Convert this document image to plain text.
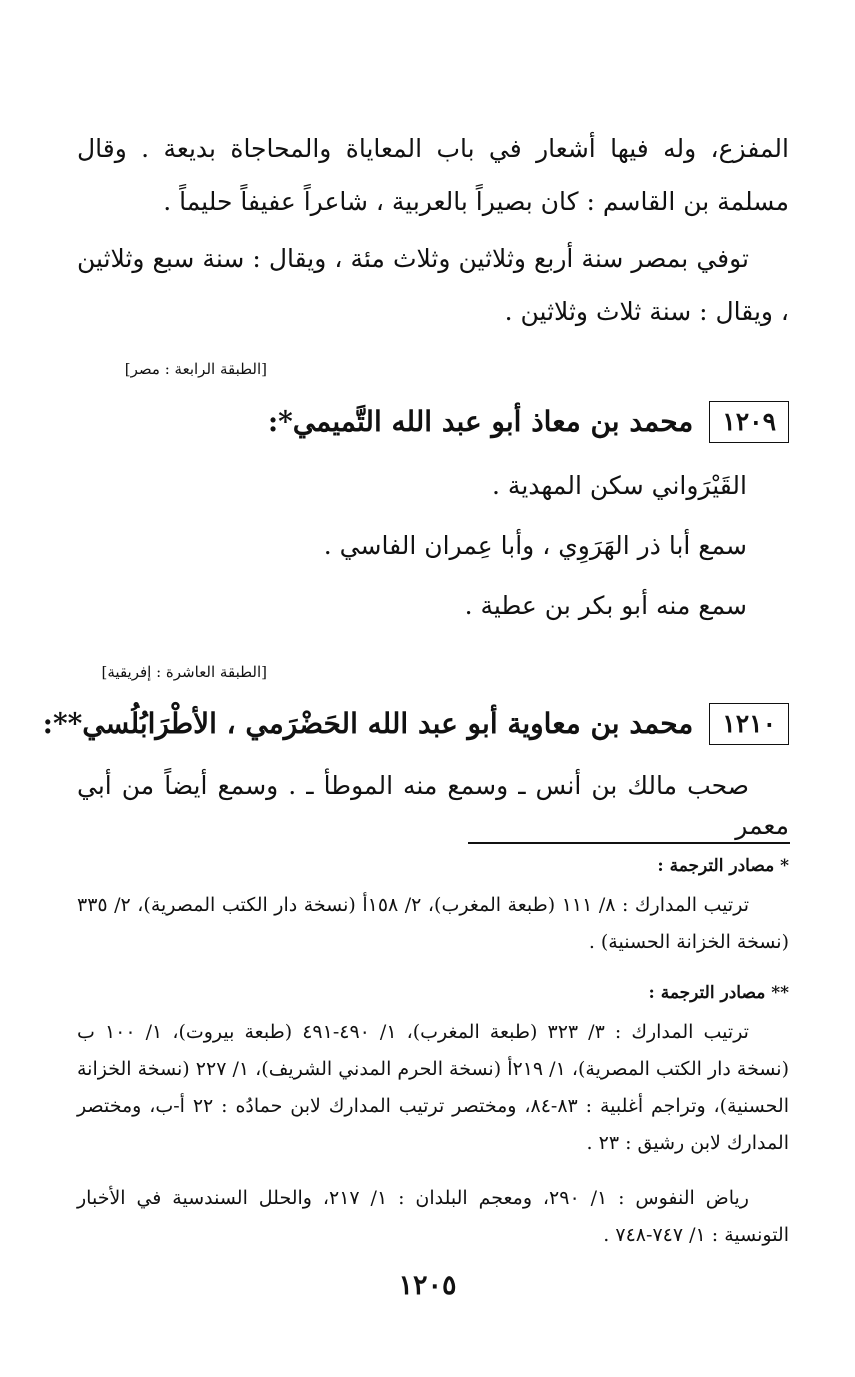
المفزع، وله فيها أشعار في باب المعاياة والمحاجاة بديعة . وقال مسلمة بن القاسم : كان بصيراً بالعربية ، شاعراً عفيفاً حليماً .

توفي بمصر سنة أربع وثلاثين وثلاث مئة ، ويقال : سنة سبع وثلاثين ، ويقال : سنة ثلاث وثلاثين .

[الطبقة الرابعة : مصر]

١٢٠٩
محمد بن معاذ أبو عبد الله التَّميمي*:

القَيْرَواني سكن المهدية .

سمع أبا ذر الهَرَوِي ، وأبا عِمران الفاسي .

سمع منه أبو بكر بن عطية .

[الطبقة العاشرة : إفريقية]

١٢١٠
محمد بن معاوية أبو عبد الله الحَضْرَمي ، الأطْرَابُلُسي**:

صحب مالك بن أنس ـ وسمع منه الموطأ ـ . وسمع أيضاً من أبي معمر

* مصادر الترجمة :

ترتيب المدارك : ٨/ ١١١ (طبعة المغرب)، ٢/ ١٥٨أ (نسخة دار الكتب المصرية)، ٢/ ٣٣٥ (نسخة الخزانة الحسنية) .

** مصادر الترجمة :

ترتيب المدارك : ٣/ ٣٢٣ (طبعة المغرب)، ١/ ٤٩٠-٤٩١ (طبعة بيروت)، ١/ ١٠٠ ب (نسخة دار الكتب المصرية)، ١/ ٢١٩أ (نسخة الحرم المدني الشريف)، ١/ ٢٢٧ (نسخة الخزانة الحسنية)، وتراجم أغلبية : ٨٣-٨٤، ومختصر ترتيب المدارك لابن حمادُه : ٢٢ أ-ب، ومختصر المدارك لابن رشيق : ٢٣ .

رياض النفوس : ١/ ٢٩٠، ومعجم البلدان : ١/ ٢١٧، والحلل السندسية في الأخبار التونسية : ١/ ٧٤٧-٧٤٨ .

١٢٠٥
